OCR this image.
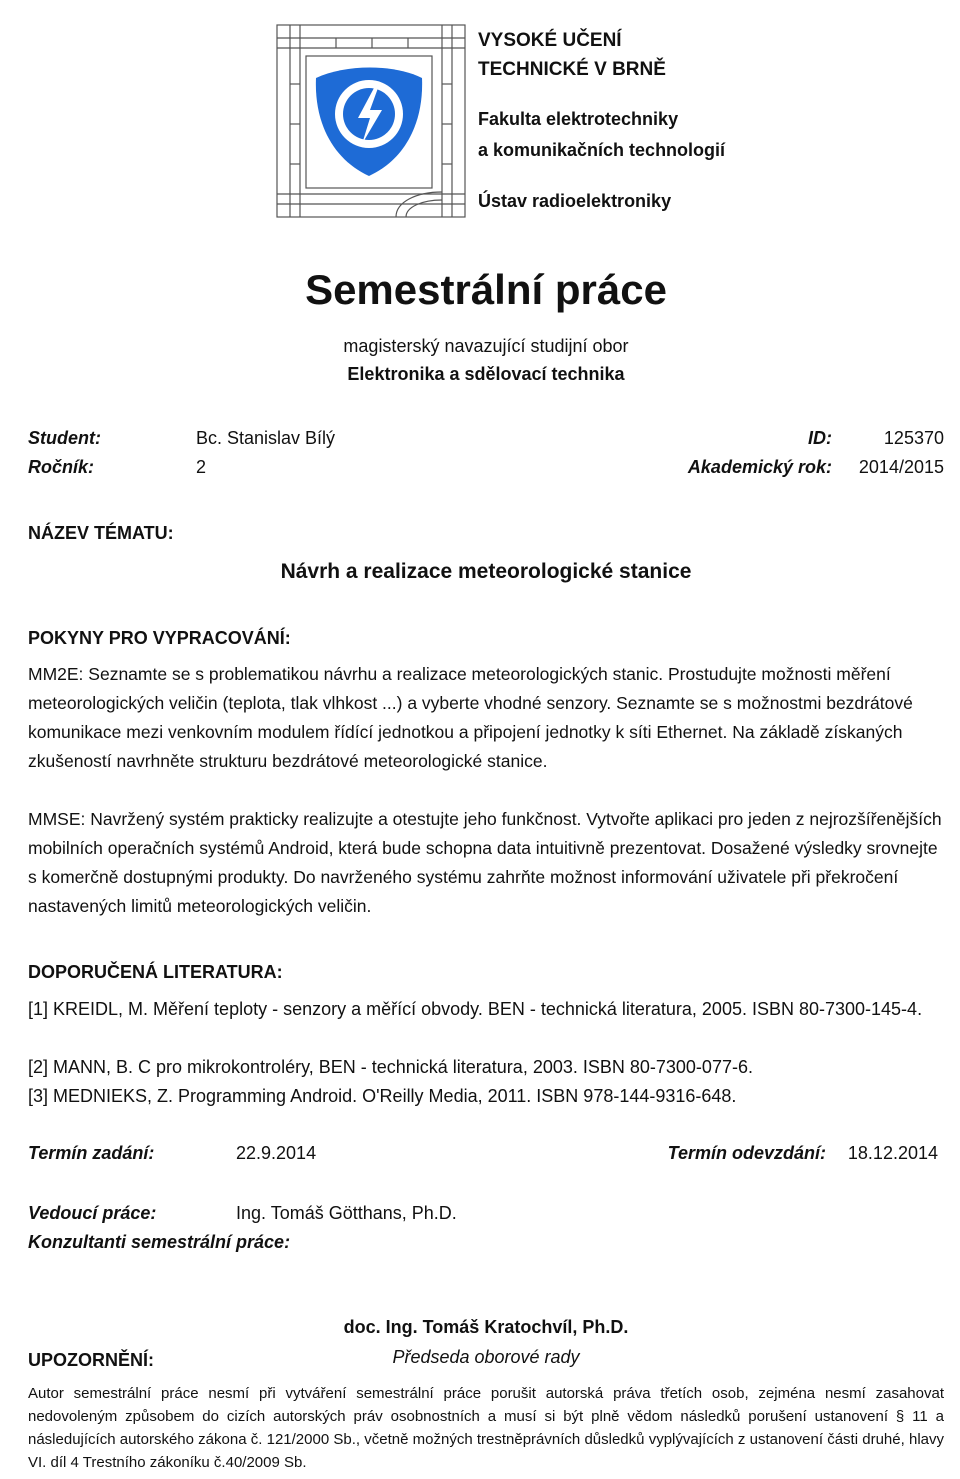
VYSOKÉ UČENÍ
TECHNICKÉ V BRNĚ
Fakulta elektrotechniky
a komunikačních technologií
Ústav radioelektroniky
Semestrální práce
magisterský navazující studijní obor
Elektronika a sdělovací technika
Student:	Bc. Stanislav Bílý
Ročník:	2
ID:	125370
Akademický rok: 2014/2015
NÁZEV TÉMATU:
Návrh a realizace meteorologické stanice
POKYNY PRO VYPRACOVÁNÍ:
MM2E: Seznamte se s problematikou návrhu a realizace meteorologických stanic. Prostudujte možnosti měření meteorologických veličin (teplota, tlak vlhkost ...) a vyberte vhodné senzory. Seznamte se s možnostmi bezdrátové komunikace mezi venkovním modulem řídící jednotkou a připojení jednotky k síti Ethernet. Na základě získaných zkušeností navrhněte strukturu bezdrátové meteorologické stanice.
MMSE: Navržený systém prakticky realizujte a otestujte jeho funkčnost. Vytvořte aplikaci pro jeden z nejrozšířenějších mobilních operačních systémů Android, která bude schopna data intuitivně prezentovat. Dosažené výsledky srovnejte s komerčně dostupnými produkty. Do navrženého systému zahrňte možnost informování uživatele při překročení nastavených limitů meteorologických veličin.
DOPORUČENÁ LITERATURA:
[1] KREIDL, M. Měření teploty - senzory a měřící obvody. BEN - technická literatura, 2005. ISBN 80-7300-145-4.
[2] MANN, B. C pro mikrokontroléry, BEN - technická literatura, 2003. ISBN 80-7300-077-6.
[3] MEDNIEKS, Z. Programming Android. O'Reilly Media, 2011. ISBN 978-144-9316-648.
Termín zadání:	22.9.2014	Termín odevzdání: 18.12.2014
Vedoucí práce:	Ing. Tomáš Götthans, Ph.D.
Konzultanti semestrální práce:
doc. Ing. Tomáš Kratochvíl, Ph.D.
Předseda oborové rady
UPOZORNĚNÍ:
Autor semestrální práce nesmí při vytváření semestrální práce porušit autorská práva třetích osob, zejména nesmí zasahovat nedovoleným způsobem do cizích autorských práv osobnostních a musí si být plně vědom následků porušení ustanovení § 11 a následujících autorského zákona č. 121/2000 Sb., včetně možných trestněprávních důsledků vyplývajících z ustanovení části druhé, hlavy VI. díl 4 Trestního zákoníku č.40/2009 Sb.
